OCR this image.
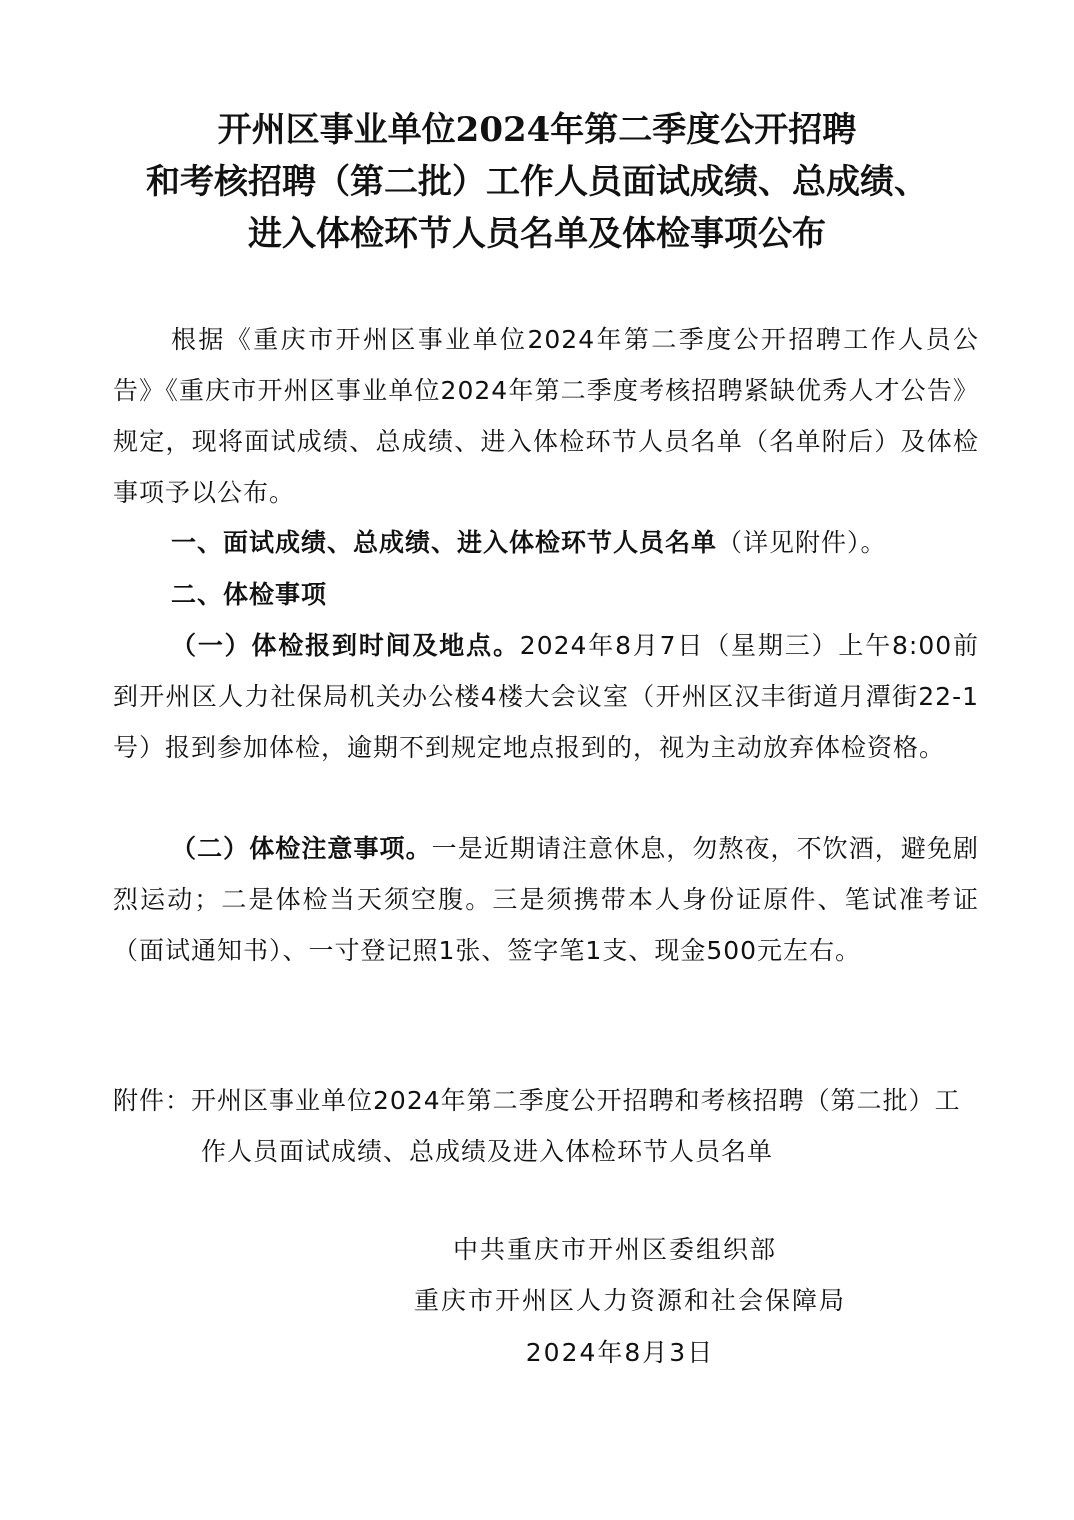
开州区事业单位2024年第二季度公开招聘
和考核招聘（第二批）工作人员面试成绩、总成绩、
进入体检环节人员名单及体检事项公布

根据《重庆市开州区事业单位2024年第二季度公开招聘工作人员公告》《重庆市开州区事业单位2024年第二季度考核招聘紧缺优秀人才公告》规定，现将面试成绩、总成绩、进入体检环节人员名单（名单附后）及体检事项予以公布。

一、面试成绩、总成绩、进入体检环节人员名单（详见附件）。

二、体检事项

（一）体检报到时间及地点。2024年8月7日（星期三）上午8:00前到开州区人力社保局机关办公楼4楼大会议室（开州区汉丰街道月潭街22-1号）报到参加体检，逾期不到规定地点报到的，视为主动放弃体检资格。

（二）体检注意事项。一是近期请注意休息，勿熬夜，不饮酒，避免剧烈运动；二是体检当天须空腹。三是须携带本人身份证原件、笔试准考证（面试通知书）、一寸登记照1张、签字笔1支、现金500元左右。

附件：开州区事业单位2024年第二季度公开招聘和考核招聘（第二批）工作人员面试成绩、总成绩及进入体检环节人员名单

中共重庆市开州区委组织部

重庆市开州区人力资源和社会保障局

2024年8月3日
